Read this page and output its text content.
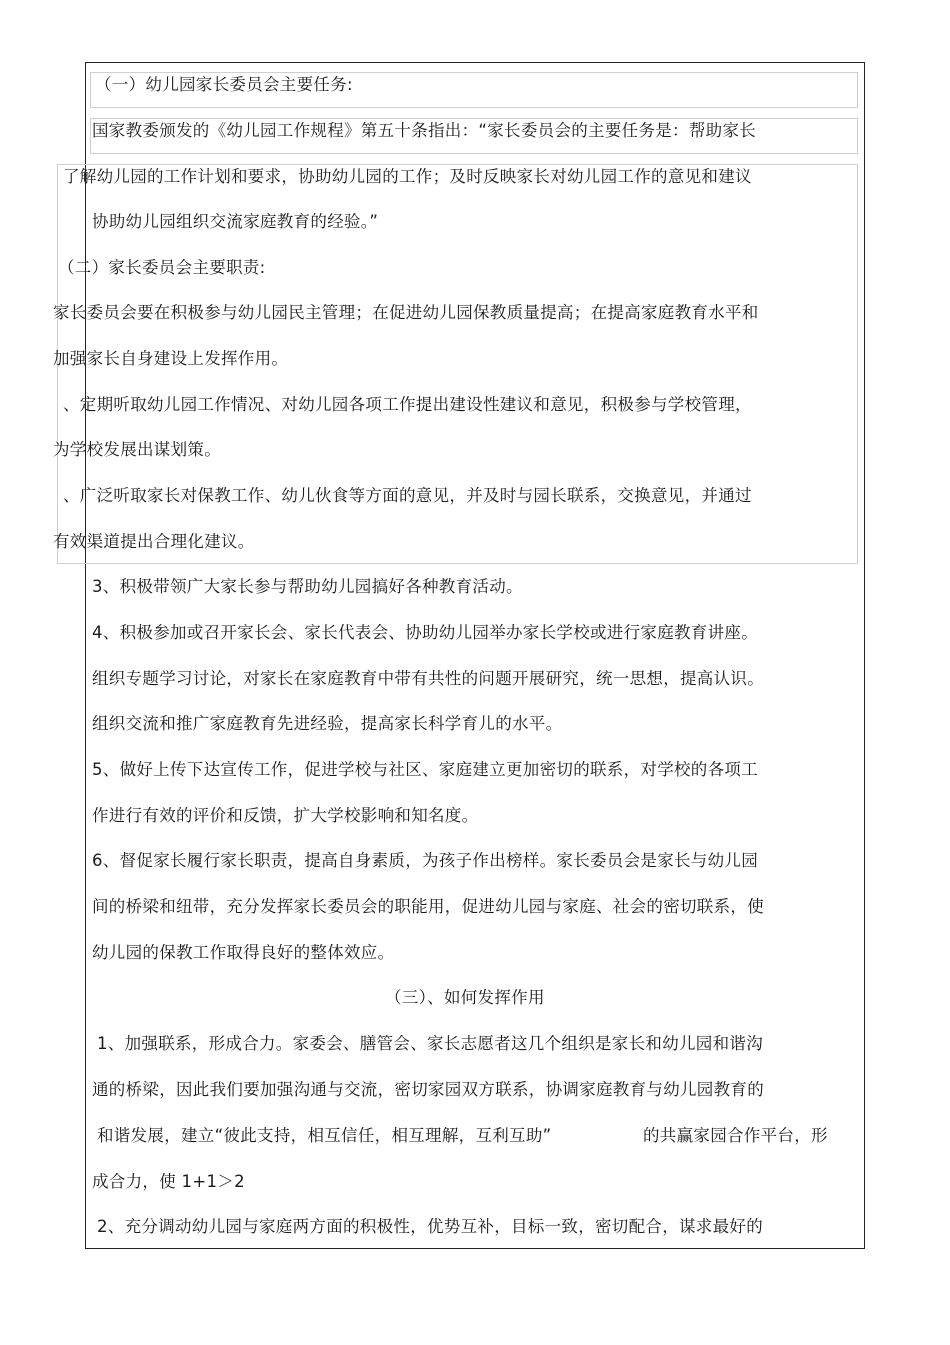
（一）幼儿园家长委员会主要任务:
国家教委颁发的《幼儿园工作规程》第五十条指出：“家长委员会的主要任务是：帮助家长
了解幼儿园的工作计划和要求，协助幼儿园的工作；及时反映家长对幼儿园工作的意见和建议
协助幼儿园组织交流家庭教育的经验。”
（二）家长委员会主要职责:
家长委员会要在积极参与幼儿园民主管理；在促进幼儿园保教质量提高；在提高家庭教育水平和
加强家长自身建设上发挥作用。
、定期听取幼儿园工作情况、对幼儿园各项工作提出建设性建议和意见，积极参与学校管理，
为学校发展出谋划策。
、广泛听取家长对保教工作、幼儿伙食等方面的意见，并及时与园长联系，交换意见，并通过
有效渠道提出合理化建议。
3、积极带领广大家长参与帮助幼儿园搞好各种教育活动。
4、积极参加或召开家长会、家长代表会、协助幼儿园举办家长学校或进行家庭教育讲座。
组织专题学习讨论，对家长在家庭教育中带有共性的问题开展研究，统一思想，提高认识。
组织交流和推广家庭教育先进经验，提高家长科学育儿的水平。
5、做好上传下达宣传工作，促进学校与社区、家庭建立更加密切的联系，对学校的各项工
作进行有效的评价和反馈，扩大学校影响和知名度。
6、督促家长履行家长职责，提高自身素质，为孩子作出榜样。家长委员会是家长与幼儿园
间的桥梁和纽带，充分发挥家长委员会的职能用，促进幼儿园与家庭、社会的密切联系，使
幼儿园的保教工作取得良好的整体效应。
（三）、如何发挥作用
1、加强联系，形成合力。家委会、膳管会、家长志愿者这几个组织是家长和幼儿园和谐沟
通的桥梁，因此我们要加强沟通与交流，密切家园双方联系，协调家庭教育与幼儿园教育的
和谐发展，建立“彼此支持，相互信任，相互理解，互利互助”	的共赢家园合作平台，形
成合力，使 1+1＞2
2、充分调动幼儿园与家庭两方面的积极性，优势互补，目标一致，密切配合，谋求最好的
